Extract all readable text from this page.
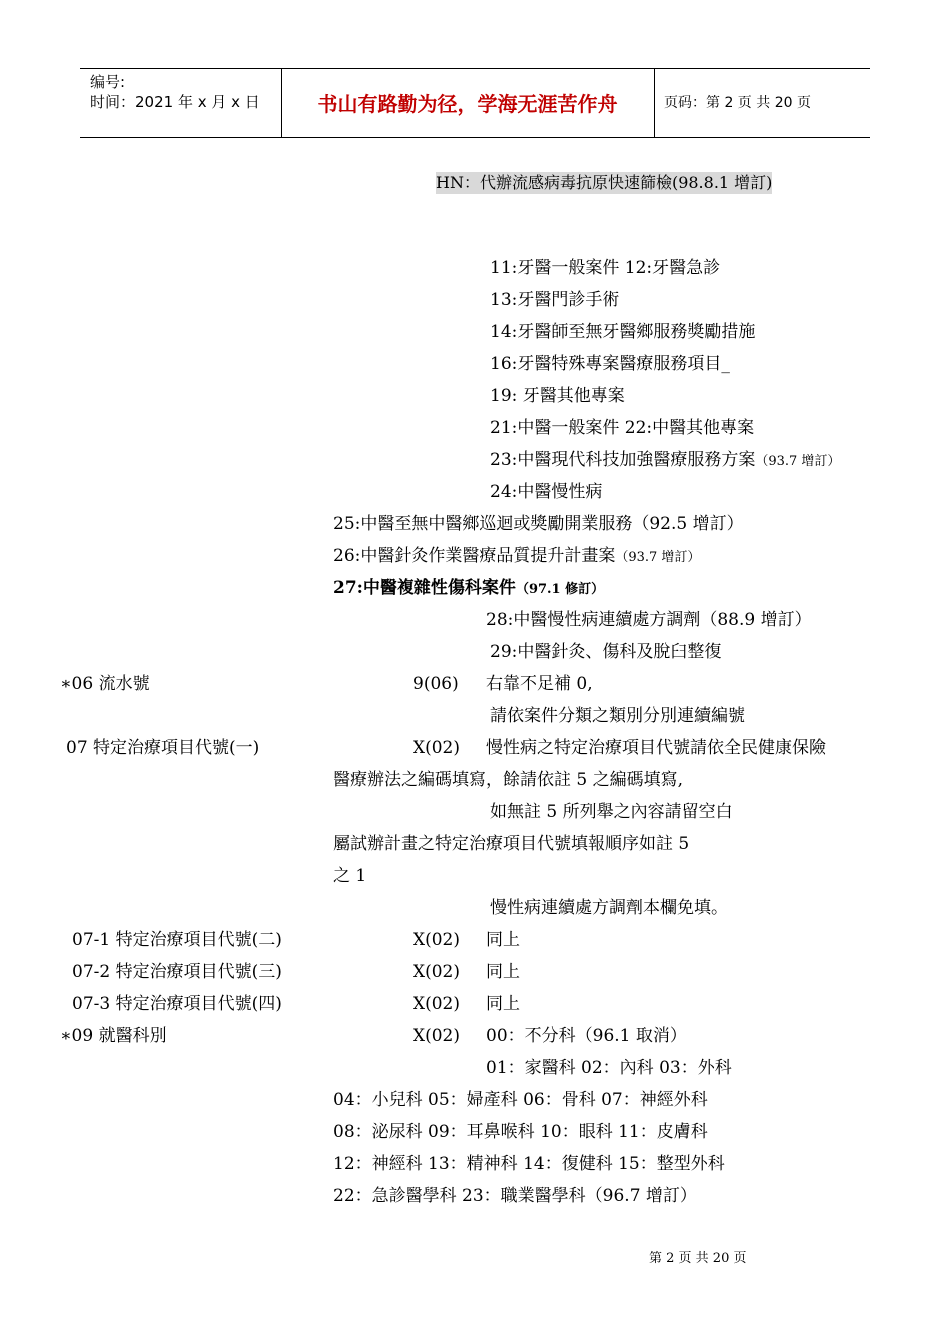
编号:
时间：2021 年 x 月 x 日	书山有路勤为径，学海无涯苦作舟	页码：第 2 页 共 20 页
HN：代辦流感病毒抗原快速篩檢(98.8.1 增訂)
11:牙醫一般案件 12:牙醫急診
13:牙醫門診手術
14:牙醫師至無牙醫鄉服務獎勵措施
16:牙醫特殊專案醫療服務項目_
19: 牙醫其他專案
21:中醫一般案件 22:中醫其他專案
23:中醫現代科技加強醫療服務方案（93.7 增訂）
24:中醫慢性病
25:中醫至無中醫鄉巡迴或獎勵開業服務（92.5 增訂）
26:中醫針灸作業醫療品質提升計畫案（93.7 增訂）
27:中醫複雜性傷科案件（97.1 修訂）
28:中醫慢性病連續處方調劑（88.9 增訂）
29:中醫針灸、傷科及脫臼整復
∗06 流水號	9(06) 右靠不足補 0,
請依案件分類之類別分別連續編號
07 特定治療項目代號(一)	X(02) 慢性病之特定治療項目代號請依全民健康保險
醫療辦法之編碼填寫，餘請依註 5 之編碼填寫,
如無註 5 所列舉之內容請留空白
屬試辦計畫之特定治療項目代號填報順序如註 5
之 1
慢性病連續處方調劑本欄免填。
07-1 特定治療項目代號(二)	X(02) 同上
07-2 特定治療項目代號(三)	X(02) 同上
07-3 特定治療項目代號(四)	X(02) 同上
∗09 就醫科別	X(02) 00：不分科（96.1 取消）
01：家醫科 02：內科 03：外科
04：小兒科 05：婦產科 06：骨科 07：神經外科
08：泌尿科 09：耳鼻喉科 10：眼科 11：皮膚科
12：神經科 13：精神科 14：復健科 15：整型外科
22：急診醫學科 23：職業醫學科（96.7 增訂）
第 2 页 共 20 页
